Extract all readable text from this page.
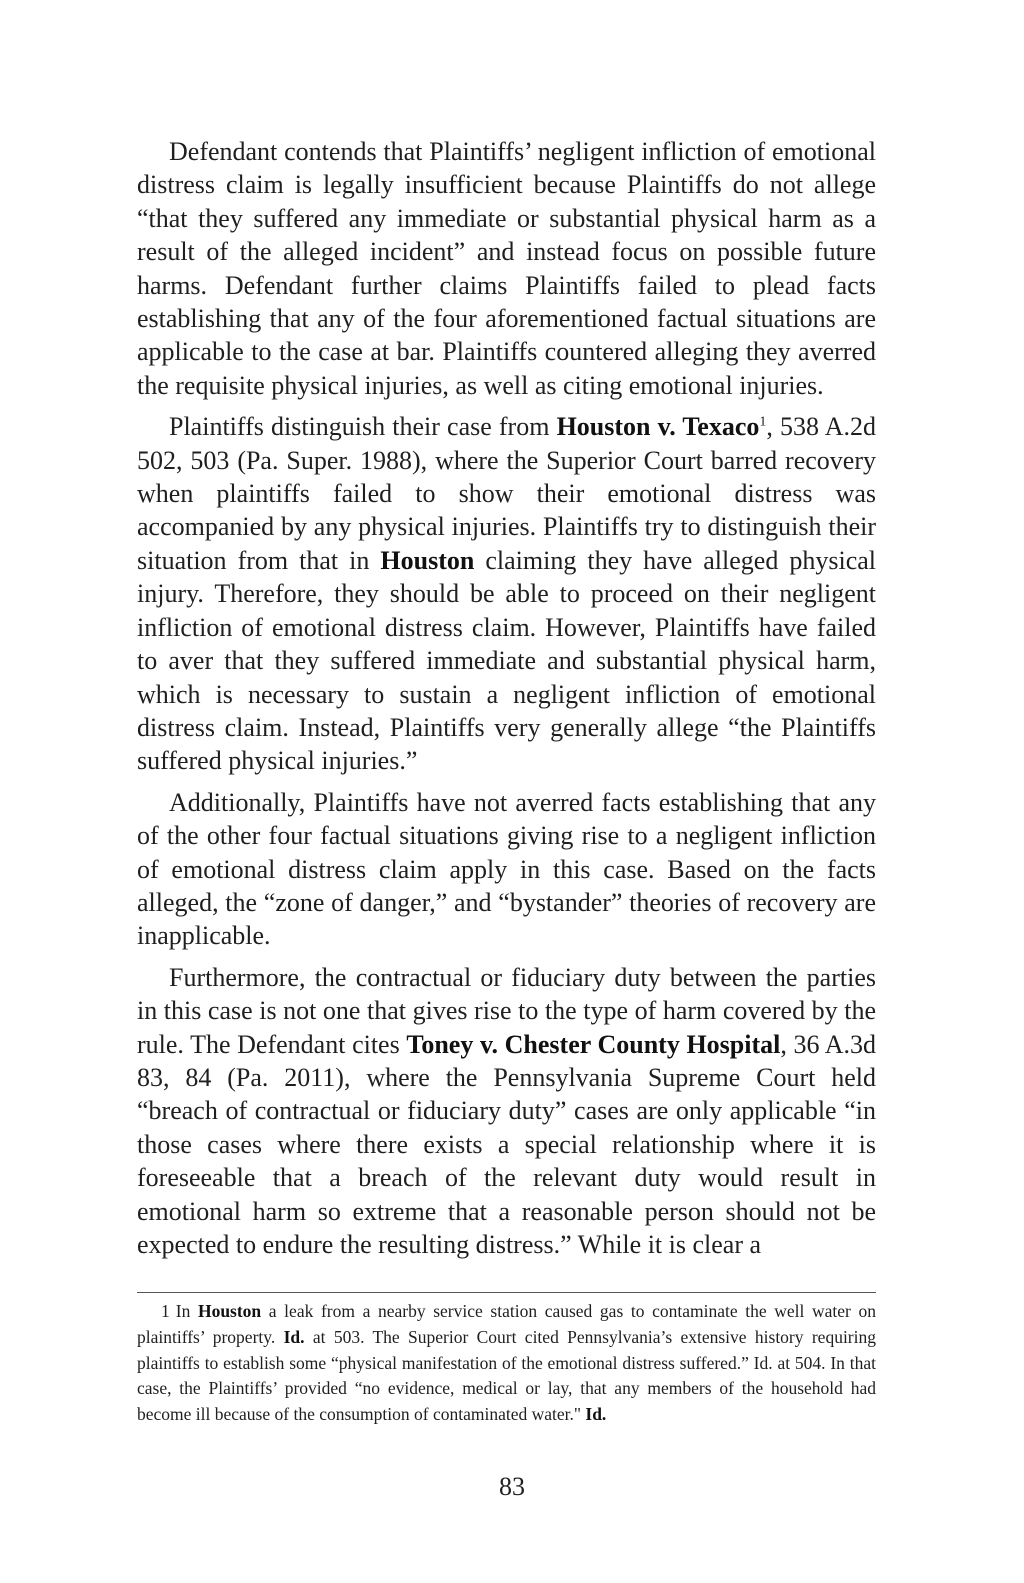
Defendant contends that Plaintiffs’ negligent infliction of emotional distress claim is legally insufficient because Plaintiffs do not allege “that they suffered any immediate or substantial physical harm as a result of the alleged incident” and instead focus on possible future harms. Defendant further claims Plaintiffs failed to plead facts establishing that any of the four aforementioned factual situations are applicable to the case at bar. Plaintiffs countered alleging they averred the requisite physical injuries, as well as citing emotional injuries.

Plaintiffs distinguish their case from Houston v. Texaco$^1$, 538 A.2d 502, 503 (Pa. Super. 1988), where the Superior Court barred recovery when plaintiffs failed to show their emotional distress was accompanied by any physical injuries. Plaintiffs try to distinguish their situation from that in Houston claiming they have alleged physical injury. Therefore, they should be able to proceed on their negligent infliction of emotional distress claim. However, Plaintiffs have failed to aver that they suffered immediate and substantial physical harm, which is necessary to sustain a negligent infliction of emotional distress claim. Instead, Plaintiffs very generally allege “the Plaintiffs suffered physical injuries.”

Additionally, Plaintiffs have not averred facts establishing that any of the other four factual situations giving rise to a negligent infliction of emotional distress claim apply in this case. Based on the facts alleged, the “zone of danger,” and “bystander” theories of recovery are inapplicable.

Furthermore, the contractual or fiduciary duty between the parties in this case is not one that gives rise to the type of harm covered by the rule. The Defendant cites Toney v. Chester County Hospital, 36 A.3d 83, 84 (Pa. 2011), where the Pennsylvania Supreme Court held “breach of contractual or fiduciary duty” cases are only applicable “in those cases where there exists a special relationship where it is foreseeable that a breach of the relevant duty would result in emotional harm so extreme that a reasonable person should not be expected to endure the resulting distress.” While it is clear a

1 In Houston a leak from a nearby service station caused gas to contaminate the well water on plaintiffs’ property. Id. at 503. The Superior Court cited Pennsylvania’s extensive history requiring plaintiffs to establish some “physical manifestation of the emotional distress suffered.” Id. at 504. In that case, the Plaintiffs’ provided “no evidence, medical or lay, that any members of the household had become ill because of the consumption of contaminated water." Id.

83
